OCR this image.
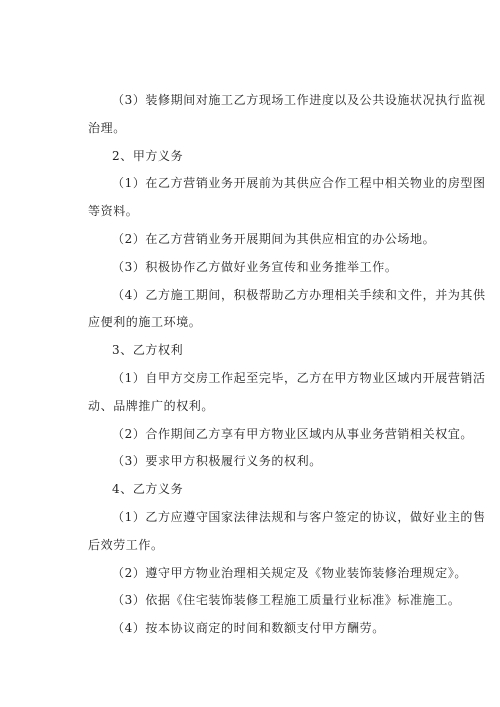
（3）装修期间对施工乙方现场工作进度以及公共设施状况执行监视
治理。
2、甲方义务
（1）在乙方营销业务开展前为其供应合作工程中相关物业的房型图
等资料。
（2）在乙方营销业务开展期间为其供应相宜的办公场地。
（3）积极协作乙方做好业务宣传和业务推举工作。
（4）乙方施工期间，积极帮助乙方办理相关手续和文件，并为其供
应便利的施工环境。
3、乙方权利
（1）自甲方交房工作起至完毕，乙方在甲方物业区域内开展营销活
动、品牌推广的权利。
（2）合作期间乙方享有甲方物业区域内从事业务营销相关权宜。
（3）要求甲方积极履行义务的权利。
4、乙方义务
（1）乙方应遵守国家法律法规和与客户签定的协议，做好业主的售
后效劳工作。
（2）遵守甲方物业治理相关规定及《物业装饰装修治理规定》。
（3）依据《住宅装饰装修工程施工质量行业标准》标准施工。
（4）按本协议商定的时间和数额支付甲方酬劳。
